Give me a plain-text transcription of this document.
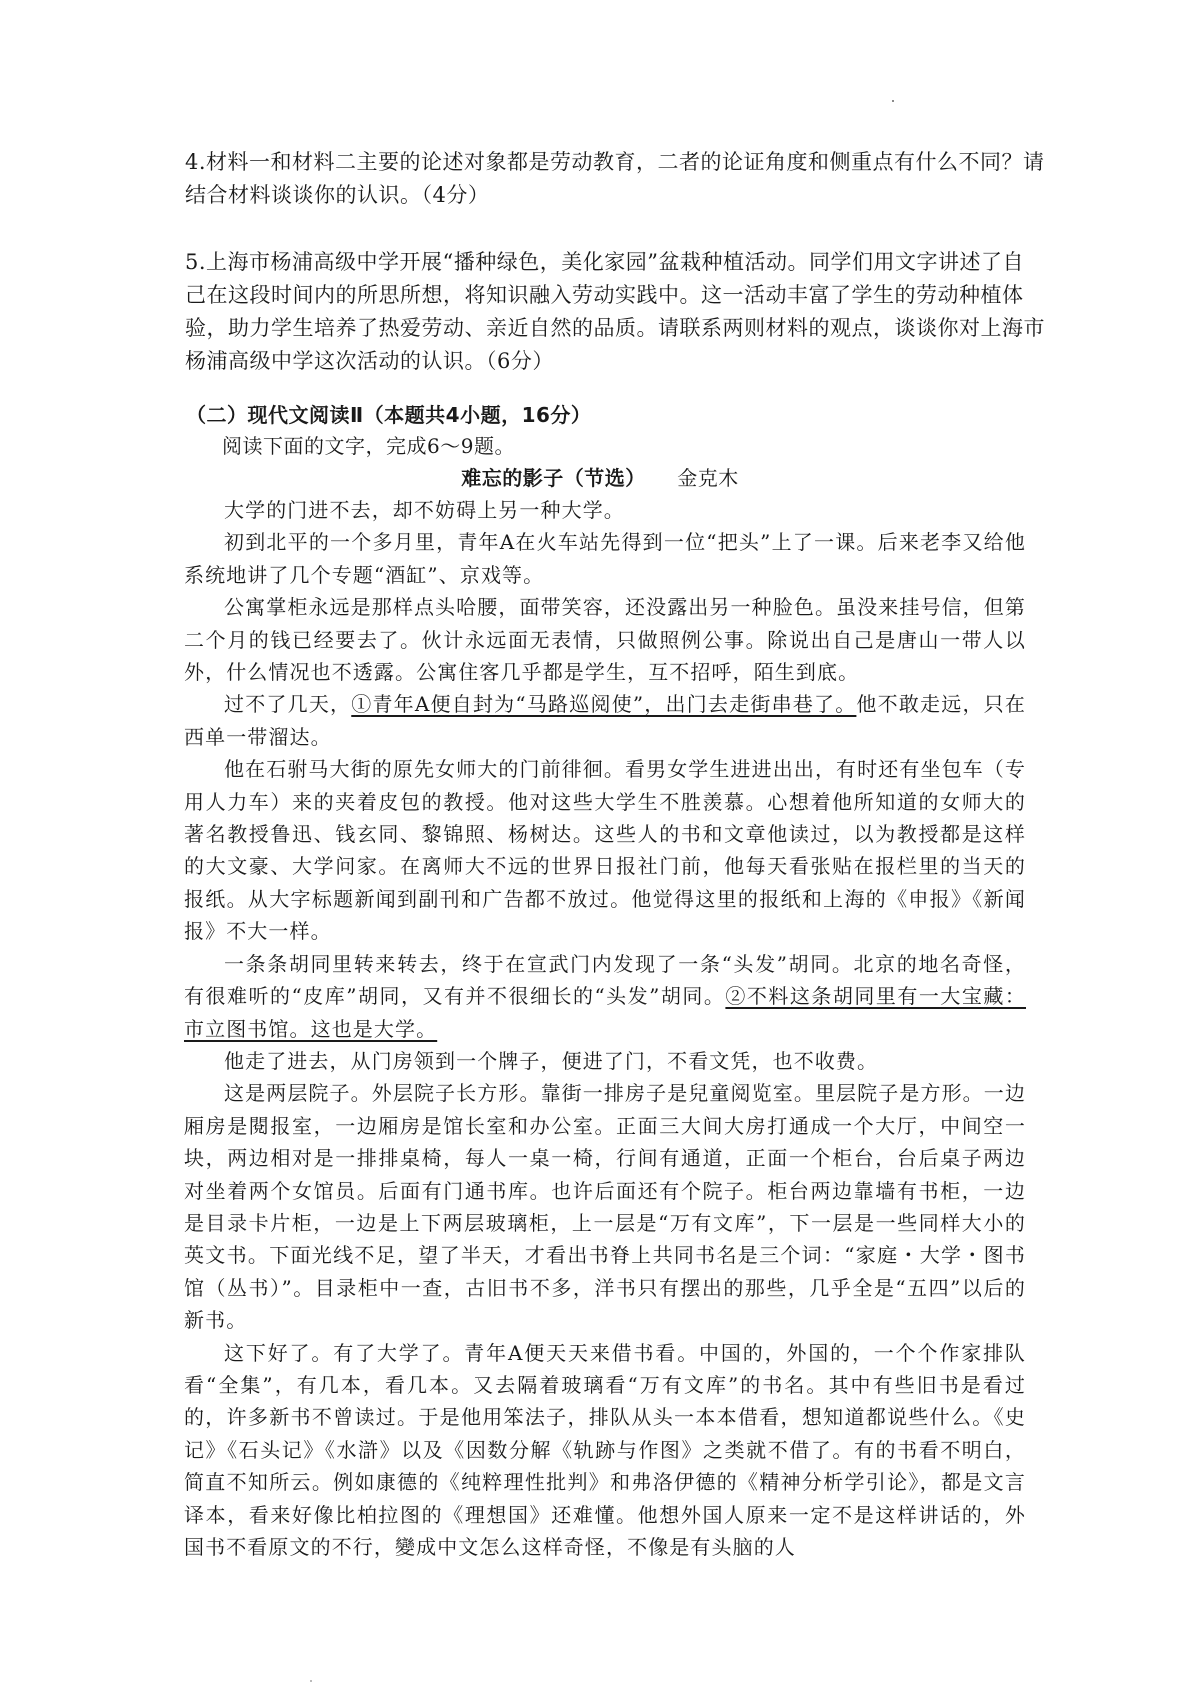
4.材料一和材料二主要的论述对象都是劳动教育，二者的论证角度和侧重点有什么不同？请结合材料谈谈你的认识。（4分）
5.上海市杨浦高级中学开展“播种绿色，美化家园”盆栽种植活动。同学们用文字讲述了自己在这段时间内的所思所想，将知识融入劳动实践中。这一活动丰富了学生的劳动种植体验，助力学生培养了热爱劳动、亲近自然的品质。请联系两则材料的观点，谈谈你对上海市杨浦高级中学这次活动的认识。（6分）
（二）现代文阅读Ⅱ（本题共4小题，16分）
阅读下面的文字，完成6～9题。
难忘的影子（节选） 金克木

大学的门进不去，却不妨碍上另一种大学。

初到北平的一个多月里，青年A在火车站先得到一位“把头”上了一课。后来老李又给他系统地讲了几个专题“酒缸”、京戏等。

公寓掌柜永远是那样点头哈腰，面带笑容，还没露出另一种脸色。虽没来挂号信，但第二个月的钱已经要去了。伙计永远面无表情，只做照例公事。除说出自己是唐山一带人以外，什么情况也不透露。公寓住客几乎都是学生，互不招呼，陌生到底。

过不了几天，①青年A便自封为“马路巡阅使”，出门去走街串巷了。他不敢走远，只在西单一带溜达。

他在石驸马大街的原先女师大的门前徘徊。看男女学生进进出出，有时还有坐包车（专用人力车）来的夹着皮包的教授。他对这些大学生不胜羡慕。心想着他所知道的女师大的著名教授鲁迅、钱玄同、黎锦照、杨树达。这些人的书和文章他读过，以为教授都是这样的大文豪、大学问家。在离师大不远的世界日报社门前，他每天看张贴在报栏里的当天的报纸。从大字标题新闻到副刊和广告都不放过。他觉得这里的报纸和上海的《申报》《新闻报》不大一样。

一条条胡同里转来转去，终于在宣武门内发现了一条“头发”胡同。北京的地名奇怪，有很难听的“皮库”胡同，又有并不很细长的“头发”胡同。②不料这条胡同里有一大宝藏：市立图书馆。这也是大学。

他走了进去，从门房领到一个牌子，便进了门，不看文凭，也不收费。

这是两层院子。外层院子长方形。靠街一排房子是兒童阅览室。里层院子是方形。一边厢房是閱报室，一边厢房是馆长室和办公室。正面三大间大房打通成一个大厅，中间空一块，两边相对是一排排桌椅，每人一桌一椅，行间有通道，正面一个柜台，台后桌子两边对坐着两个女馆员。后面有门通书库。也许后面还有个院子。柜台两边靠墙有书柜，一边是目录卡片柜，一边是上下两层玻璃柜，上一层是“万有文库”，下一层是一些同样大小的英文书。下面光线不足，望了半天，才看出书脊上共同书名是三个词：“家庭・大学・图书馆（丛书）”。目录柜中一查，古旧书不多，洋书只有摆出的那些，几乎全是“五四”以后的新书。

这下好了。有了大学了。青年A便天天来借书看。中国的，外国的，一个个作家排队看“全集”，有几本，看几本。又去隔着玻璃看“万有文库”的书名。其中有些旧书是看过的，许多新书不曾读过。于是他用笨法子，排队从头一本本借看，想知道都说些什么。《史记》《石头记》《水滸》以及《因数分解《轨跡与作图》之类就不借了。有的书看不明白，简直不知所云。例如康德的《纯粹理性批判》和弗洛伊德的《精神分析学引论》，都是文言译本，看来好像比柏拉图的《理想国》还难懂。他想外国人原来一定不是这样讲话的，外国书不看原文的不行，變成中文怎么这样奇怪，不像是有头脑的人
